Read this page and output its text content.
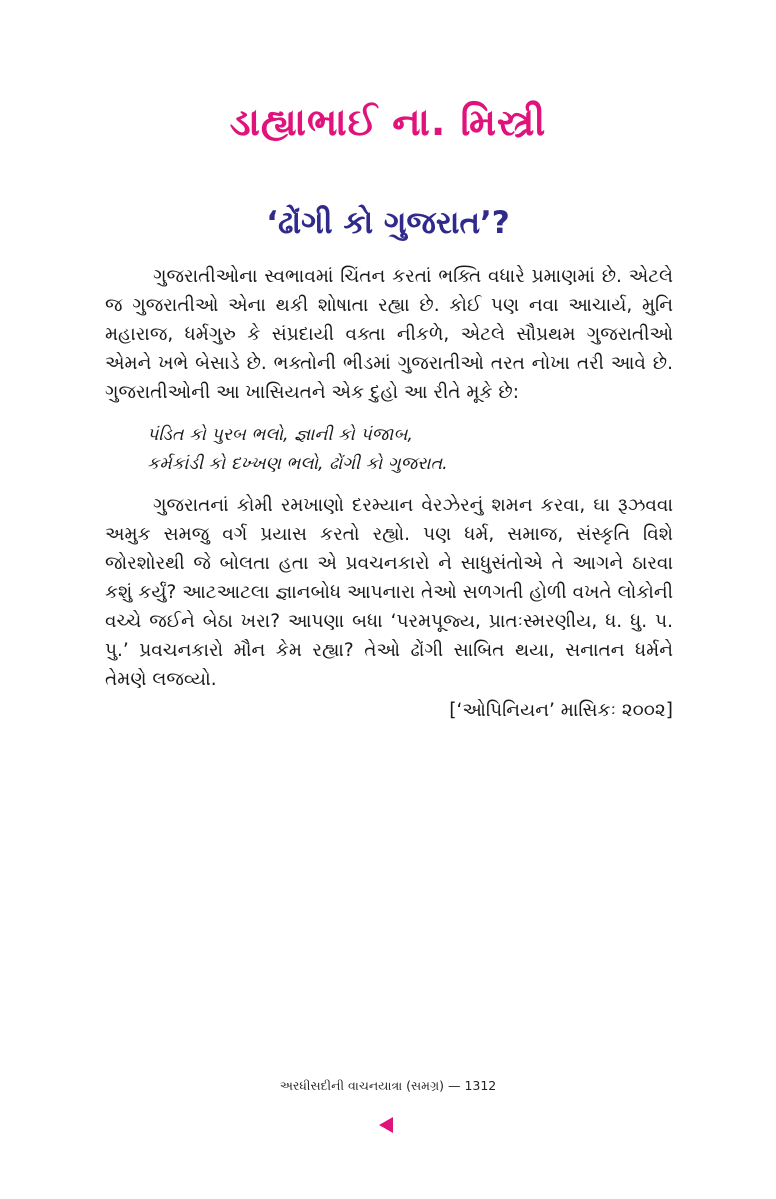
ડાહ્યાભાઈ ના. મિસ્ત્રી
‘ઢોંગી કો ગુજરાત’?

ગુજરાતીઓના સ્વભાવમાં ચિંતન કરતાં ભક્તિ વધારે પ્રમાણમાં છે. એટલે જ ગુજરાતીઓ એના થકી શોષાતા રહ્યા છે. કોઈ પણ નવા આચાર્ય, મુનિ મહારાજ, ધર્મગુરુ કે સંપ્રદાયી વક્તા નીકળે, એટલે સૌપ્રથમ ગુજરાતીઓ એમને ખભે બેસાડે છે. ભક્તોની ભીડમાં ગુજરાતીઓ તરત નોખા તરી આવે છે. ગુજરાતીઓની આ ખાસિયતને એક દુહો આ રીતે મૂકે છે:

પંડિત કો પુરબ ભલો, જ્ઞાની કો પંજાબ,
કર્મકાંડી કો દખ્ખણ ભલો, ઢોંગી કો ગુજરાત.

ગુજરાતનાં કોમી રમખાણો દરમ્યાન વેરઝેરનું શમન કરવા, ઘા રૂઝવવા અમુક સમજુ વર્ગ પ્રયાસ કરતો રહ્યો. પણ ધર્મ, સમાજ, સંસ્કૃતિ વિશે જોરશોરથી જે બોલતા હતા એ પ્રવચનકારો ને સાધુસંતોએ તે આગને ઠારવા કશું કર્યું? આટઆટલા જ્ઞાનબોધ આપનારા તેઓ સળગતી હોળી વખતે લોકોની વચ્ચે જઈને બેઠા ખરા? આપણા બધા ‘પરમપૂજ્ય, પ્રાતઃસ્મરણીય, ધ. ધુ. પ. પુ.’ પ્રવચનકારો મૌન કેમ રહ્યા? તેઓ ઢોંગી સાબિત થયા, સનાતન ધર્મને તેમણે લજવ્યો.

[‘ઓપિનિયન’ માસિકઃ ૨૦૦૨]
અરધીસદીની વાચનયાત્રા (સમગ્ર) — 1312
